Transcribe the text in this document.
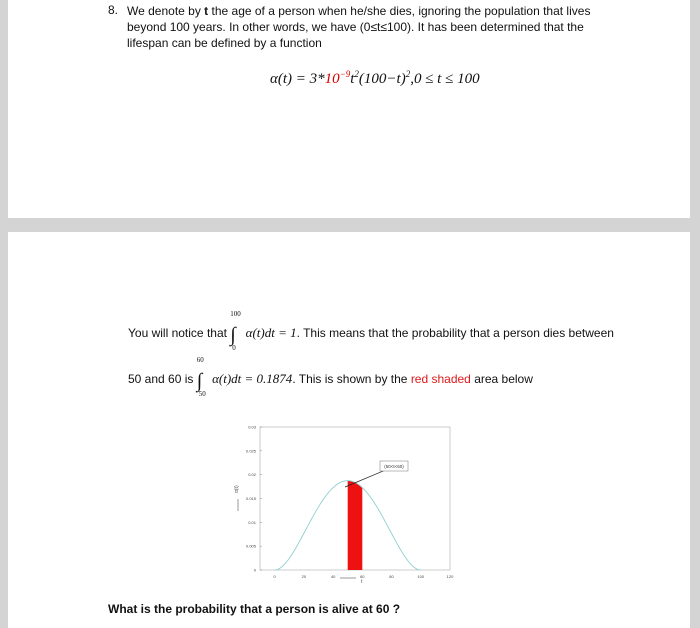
8. We denote by t the age of a person when he/she dies, ignoring the population that lives beyond 100 years. In other words, we have (0≤t≤100). It has been determined that the lifespan can be defined by a function
$\alpha(t) = 3*10^{-9}t^2(100-t)^2,0 \le t \le 100$
You will notice that ∫
100
0
α(t)dt = 1. This means that the probability that a person dies between
50 and 60 is ∫
60
50
α(t)dt = 0.1874. This is shown by the red shaded area below
0	20	40	60	80	100	120
0
0.005
0.01
0.015
0.02
0.025
0.03
(50<t<60)
α(t)
t
What is the probability that a person is alive at 60 ?
